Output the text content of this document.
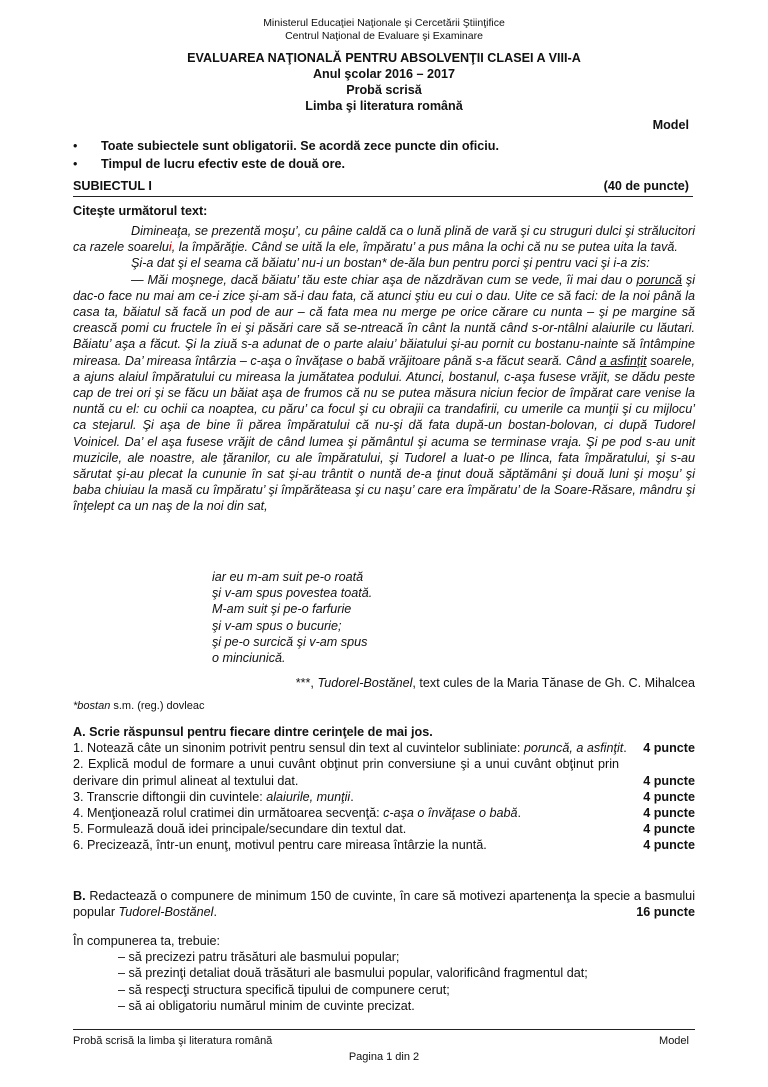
Ministerul Educaţiei Naţionale şi Cercetării Ştiinţifice
Centrul Naţional de Evaluare şi Examinare
EVALUAREA NAŢIONALĂ PENTRU ABSOLVENŢII CLASEI A VIII-A
Anul şcolar 2016 – 2017
Probă scrisă
Limba şi literatura română
Model
• Toate subiectele sunt obligatorii. Se acordă zece puncte din oficiu.
• Timpul de lucru efectiv este de două ore.
SUBIECTUL I	(40 de puncte)
Citeşte următorul text:

Dimineaţa, se prezentă moşu’, cu pâine caldă ca o lună plină de vară şi cu struguri dulci şi strălucitori ca razele soarelui, la împărăţie. Când se uită la ele, împăratu’ a pus mâna la ochi că nu se putea uita la tavă.

Şi-a dat şi el seama că băiatu’ nu-i un bostan* de-ăla bun pentru porci şi pentru vaci şi i-a zis:

— Măi moşnege, dacă băiatu’ tău este chiar aşa de năzdrăvan cum se vede, îi mai dau o poruncă şi dac-o face nu mai am ce-i zice şi-am să-i dau fata, că atunci ştiu eu cui o dau. Uite ce să faci: de la noi până la casa ta, băiatul să facă un pod de aur – că fata mea nu merge pe orice cărare cu nunta – şi pe margine să crească pomi cu fructele în ei şi păsări care să se-ntreacă în cânt la nuntă când s-or-ntâlni alaiurile cu lăutari. Băiatu’ aşa a făcut. Şi la ziuă s-a adunat de o parte alaiu’ băiatului şi-au pornit cu bostanu-nainte să întâmpine mireasa. Da’ mireasa întârzia – c-aşa o învăţase o babă vrăjitoare până s-a făcut seară. Când a asfinţit soarele, a ajuns alaiul împăratului cu mireasa la jumătatea podului. Atunci, bostanul, c-aşa fusese vrăjit, se dădu peste cap de trei ori şi se făcu un băiat aşa de frumos că nu se putea măsura niciun fecior de împărat care venise la nuntă cu el: cu ochii ca noaptea, cu păru’ ca focul şi cu obrajii ca trandafirii, cu umerile ca munţii şi cu mijlocu’ ca stejarul. Şi aşa de bine îi părea împăratului că nu-şi dă fata după-un bostan-bolovan, ci după Tudorel Voinicel. Da’ el aşa fusese vrăjit de când lumea şi pământul şi acuma se terminase vraja. Şi pe pod s-au unit muzicile, ale noastre, ale ţăranilor, cu ale împăratului, şi Tudorel a luat-o pe Ilinca, fata împăratului, şi s-au sărutat şi-au plecat la cununie în sat şi-au trântit o nuntă de-a ţinut două săptămâni şi două luni şi moşu’ şi baba chiuiau la masă cu împăratu’ şi împărăteasa şi cu naşu’ care era împăratu’ de la Soare-Răsare, mândru şi înţelept ca un naş de la noi din sat,

iar eu m-am suit pe-o roată
şi v-am spus povestea toată.
M-am suit şi pe-o farfurie
şi v-am spus o bucurie;
şi pe-o surcică şi v-am spus
o minciunică.
***, Tudorel-Bostănel, text cules de la Maria Tănase de Gh. C. Mihalcea
*bostan s.m. (reg.) dovleac
A. Scrie răspunsul pentru fiecare dintre cerinţele de mai jos.
1. Notează câte un sinonim potrivit pentru sensul din text al cuvintelor subliniate: poruncă, a asfinţit.	4 puncte
2. Explică modul de formare a unui cuvânt obţinut prin conversiune şi a unui cuvânt obţinut prin derivare din primul alineat al textului dat.	4 puncte
3. Transcrie diftongii din cuvintele: alaiurile, munţii.	4 puncte
4. Menţionează rolul cratimei din următoarea secvenţă: c-aşa o învăţase o babă.	4 puncte
5. Formulează două idei principale/secundare din textul dat.	4 puncte
6. Precizează, într-un enunţ, motivul pentru care mireasa întârzie la nuntă.	4 puncte
B. Redactează o compunere de minimum 150 de cuvinte, în care să motivezi apartenenţa la specie a basmului popular Tudorel-Bostănel.	16 puncte
În compunerea ta, trebuie:
– să precizezi patru trăsături ale basmului popular;
– să prezinţi detaliat două trăsături ale basmului popular, valorificând fragmentul dat;
– să respecţi structura specifică tipului de compunere cerut;
– să ai obligatoriu numărul minim de cuvinte precizat.
Probă scrisă la limba şi literatura română	Model
Pagina 1 din 2
